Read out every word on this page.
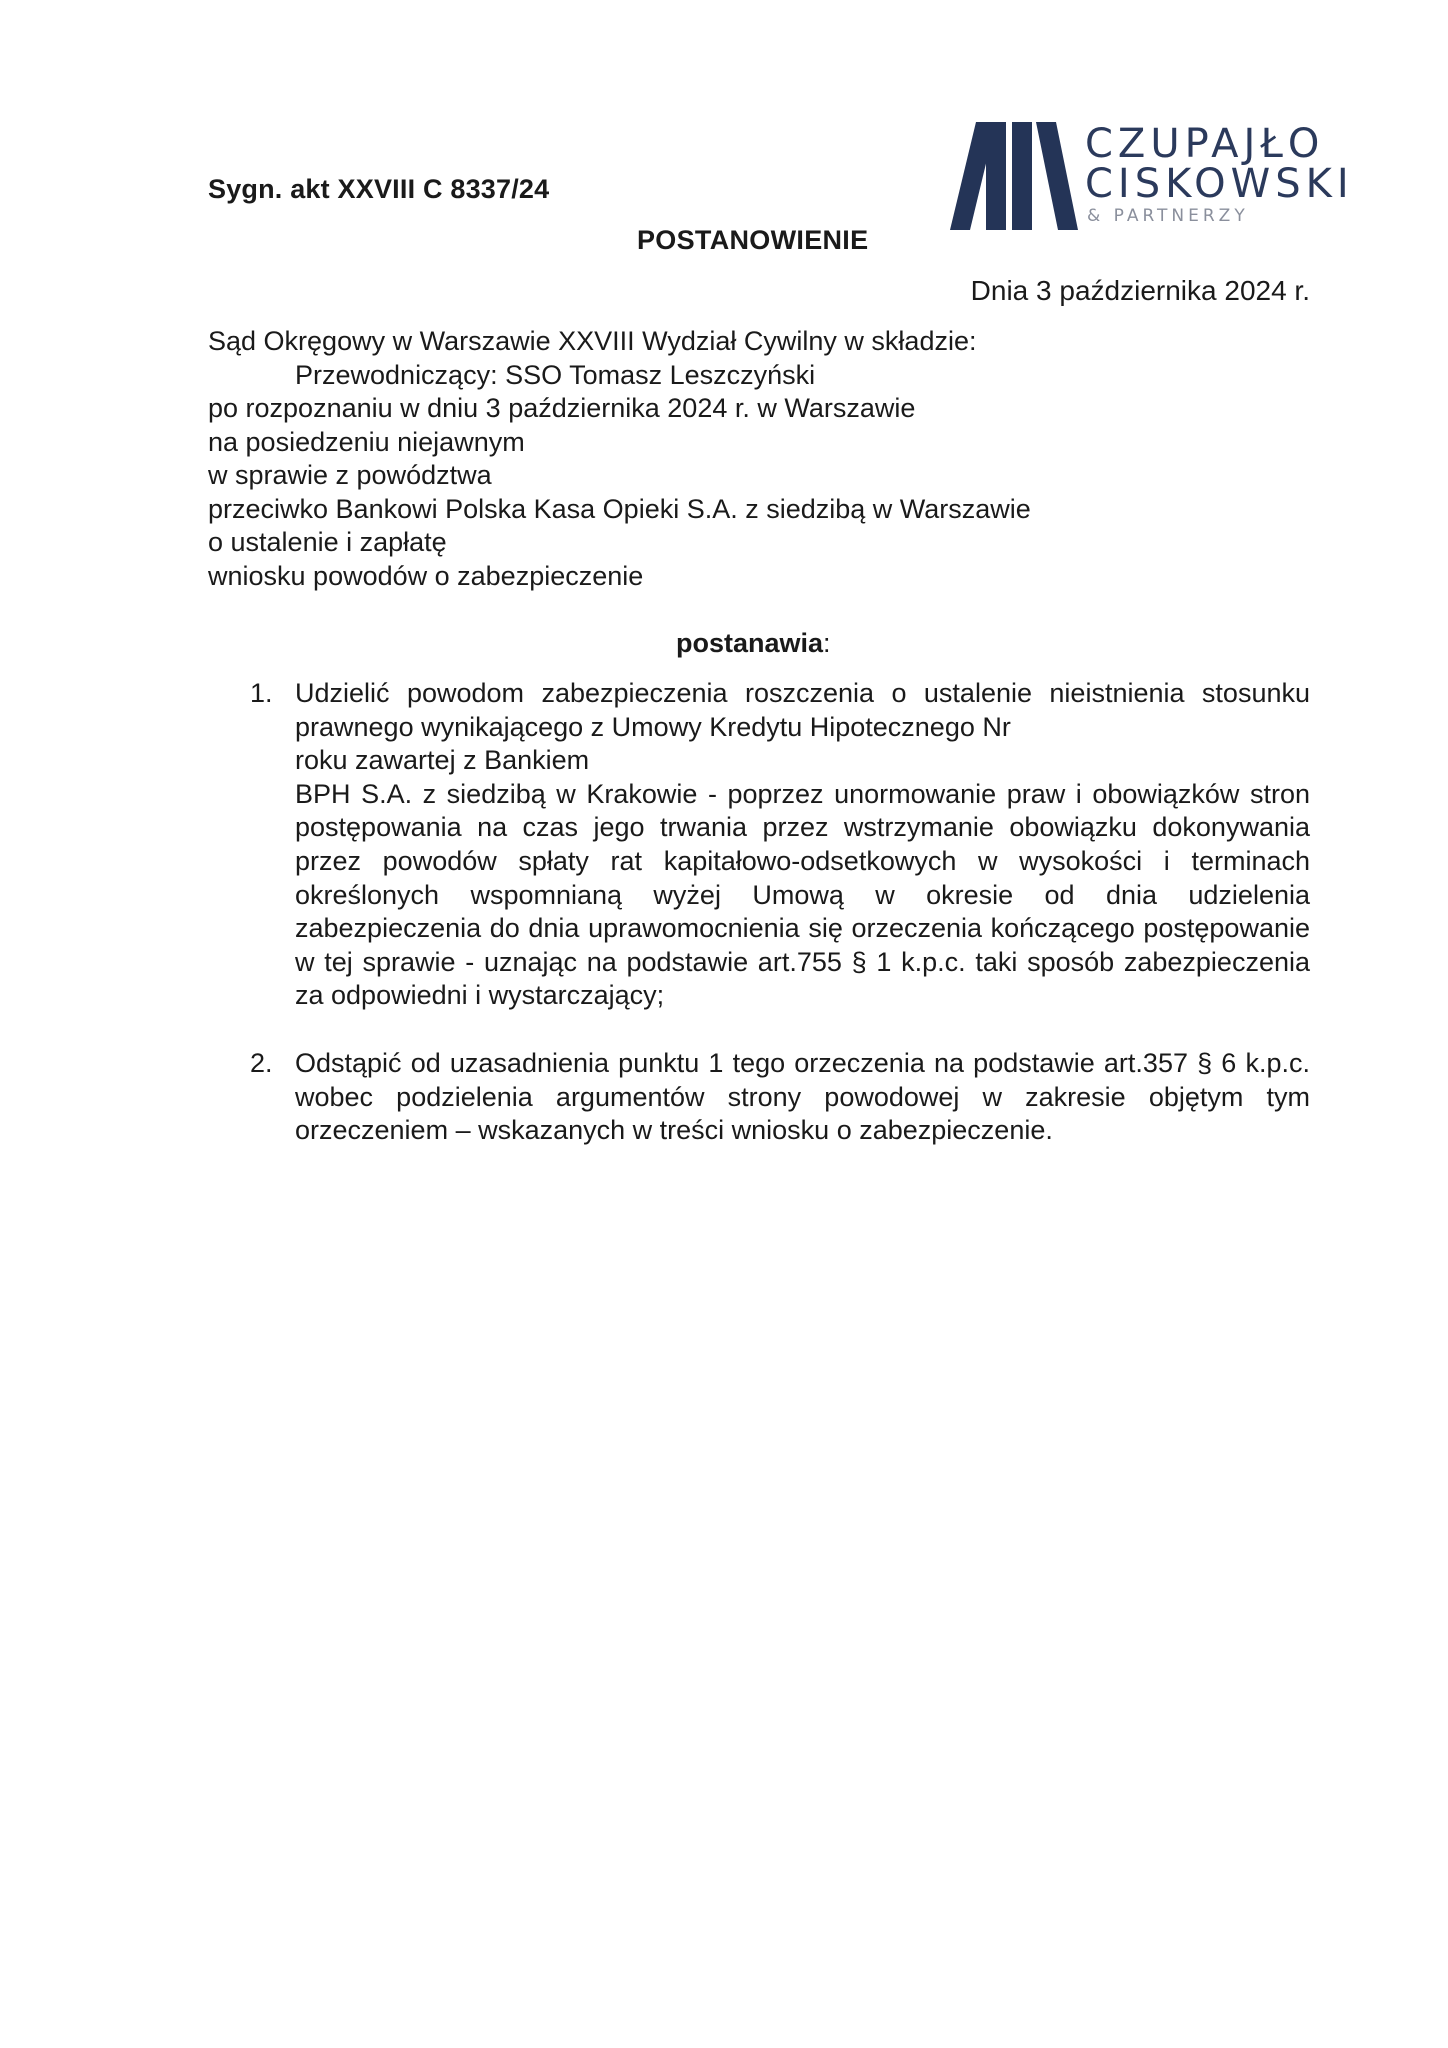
Sygn. akt XXVIII C 8337/24
CZUPAJŁO
CISKOWSKI
& PARTNERZY
POSTANOWIENIE
Dnia 3 października 2024 r.
Sąd Okręgowy w Warszawie XXVIII Wydział Cywilny w składzie:
Przewodniczący: SSO Tomasz Leszczyński
po rozpoznaniu w dniu 3 października 2024 r. w Warszawie
na posiedzeniu niejawnym
w sprawie z powództwa
przeciwko Bankowi Polska Kasa Opieki S.A. z siedzibą w Warszawie
o ustalenie i zapłatę
wniosku powodów o zabezpieczenie
postanawia:
1. Udzielić powodom zabezpieczenia roszczenia o ustalenie nieistnienia stosunku prawnego wynikającego z Umowy Kredytu Hipotecznego Nr
roku zawartej z Bankiem
BPH S.A. z siedzibą w Krakowie - poprzez unormowanie praw i obowiązków stron postępowania na czas jego trwania przez wstrzymanie obowiązku dokonywania przez powodów spłaty rat kapitałowo-odsetkowych w wysokości i terminach określonych wspomnianą wyżej Umową w okresie od dnia udzielenia zabezpieczenia do dnia uprawomocnienia się orzeczenia kończącego postępowanie w tej sprawie - uznając na podstawie art.755 § 1 k.p.c. taki sposób zabezpieczenia za odpowiedni i wystarczający;
2. Odstąpić od uzasadnienia punktu 1 tego orzeczenia na podstawie art.357 § 6 k.p.c. wobec podzielenia argumentów strony powodowej w zakresie objętym tym orzeczeniem – wskazanych w treści wniosku o zabezpieczenie.
